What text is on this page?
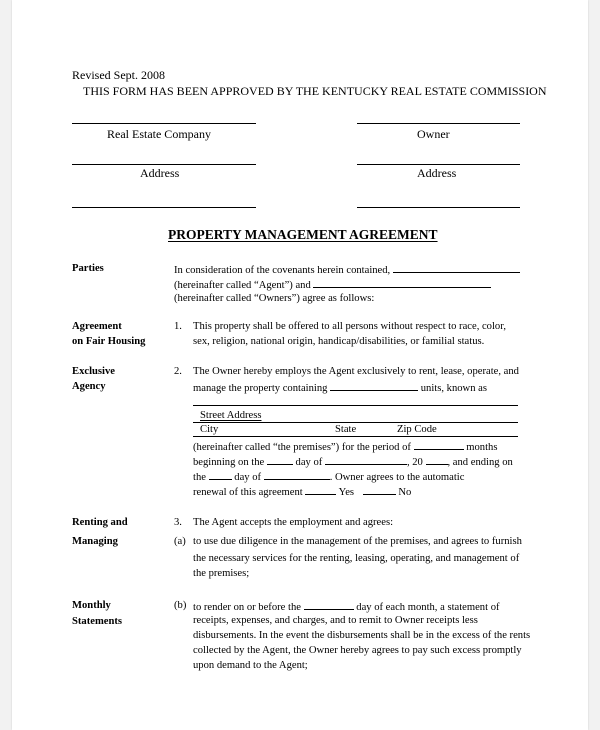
Revised Sept. 2008
THIS FORM HAS BEEN APPROVED BY THE KENTUCKY REAL ESTATE COMMISSION
Real Estate Company	Owner
Address	Address
PROPERTY MANAGEMENT AGREEMENT
Parties	In consideration of the covenants herein contained,
(hereinafter called “Agent”) and
(hereinafter called “Owners”) agree as follows:
Agreement
on Fair Housing
1. This property shall be offered to all persons without respect to race, color,
sex, religion, national origin, handicap/disabilities, or familial status.
Exclusive
Agency
2. The Owner hereby employs the Agent exclusively to rent, lease, operate, and
manage the property containing	units, known as
Street Address
City	State	Zip Code
(hereinafter called “the premises”) for the period of	months
beginning on the	day of	, 20 , and ending on
the	day of	. Owner agrees to the automatic
renewal of this agreement	Yes	No
Renting and
Managing
3. The Agent accepts the employment and agrees:
(a) to use due diligence in the management of the premises, and agrees to furnish
the necessary services for the renting, leasing, operating, and management of
the premises;
Monthly
Statements
(b) to render on or before the	day of each month, a statement of
receipts, expenses, and charges, and to remit to Owner receipts less
disbursements. In the event the disbursements shall be in the excess of the rents
collected by the Agent, the Owner hereby agrees to pay such excess promptly
upon demand to the Agent;
